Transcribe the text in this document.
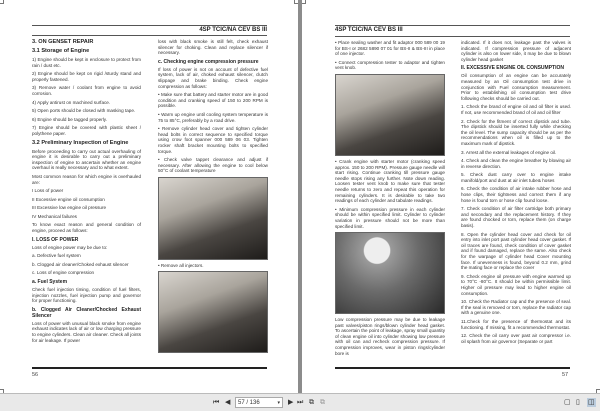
4SP TCIC/NA CEV BS III
3. ON GENSET REPAIR
3.1 Storage of Engine

1) Engine should be kept in enclosure to protect from rain / dust etc.

2) Engine should be kept on rigid /sturdy stand and properly fastened.

3) Remove water / coolant from engine to avoid corrosion.

4) Apply antirust on machined surface.

5) Open ports should be closed with masking tape.

6) Engine should be tagged properly.

7) Engine should be covered with plastic sheet / polythene paper.

3.2 Preliminary Inspection of Engine

Before proceeding to carry out actual overhauling of engine it is desirable to carry out a preliminary inspection of engine to ascertain whether an engine overhaul is really necessary and to what extent.

Most common reason for which engine is overhauled are:

I Loss of power

II Excessive engine oil consumption

III Excessive low engine oil pressure

IV Mechanical failures

To know exact reason and general condition of engine, proceed as follows:

I. LOSS OF POWER

Loss of engine power may be due to:

a. Defective fuel system

b. Clogged air cleaner/Choked exhaust silencer

c. Loss of engine compression

a. Fuel System

Check fuel injection timing, condition of fuel filters, injection nozzles, fuel injection pump and governor for proper functioning.

b. Clogged Air Cleaner/Chocked Exhaust Silencer

Loss of power with unusual black smoke from engine exhaust indicates lack of air or low charging pressure to engine cylinders. Clean air cleaner. Check all joints for air leakage. If power

loss with black smoke is still felt, check exhaust silencer for choking. Clean and replace silencer if necessary.

c. Checking engine compression pressure

If loss of power is not on account of defective fuel system, lack of air, choked exhaust silencer, clutch slippage and brake binding. Check engine compression as follows:

• Make sure that battery and starter motor are in good condition and cranking speed of 150 to 200 RPM is possible.

• Warm up engine until cooling system temperature is 75 to 85°C, preferably by a road drive.

• Remove cylinder head cover and tighten cylinder head bolts in correct sequence to specified torque using crow foot spanner 000 589 06 03. Tighten rocker shaft bracket mounting bolts to specified torque.

• Check valve tappet clearance and adjust if necessary. After allowing the engine to cool below 50°C of coolant temperature

• Remove all injectors.

56
4SP TCIC/NA CEV BS III

• Place sealing washer and fit adaptor 000 589 00 19 for BS-I or 2682 5890 07 01 for BS-II & BS-III in place of one injector.

• Connect compression tester to adaptor and tighten vent knob.

• Crank engine with starter motor (cranking speed approx. 150 to 200 RPM). Pressure gauge needle will start rising. Continue cranking till pressure gauge needle stops rising any further. Note down reading. Loosen tester vent knob to make sure that tester needle returns to zero and repeat this operation for remaining cylinders. It is desirable to take two readings of each cylinder and tabulate readings.

• Minimum compression pressure in each cylinder should be within specified limit. Cylinder to cylinder variation in pressure should not be more than specified limit.

Low compression pressure may be due to leakage past valves/piston rings/blown cylinder head gasket. To ascertain the point of leakage, spray small quantity of clean engine oil into cylinder showing low pressure with oil can and recheck compression pressure. If compression improves, wear in piston rings/cylinder bore is

indicated. If it does not, leakage past the valves is indicated. If compression pressure of adjacent cylinder is also on lower side, it may be due to blown cylinder head gasket

II. EXCESSIVE ENGINE OIL CONSUMPTION

Oil consumption of an engine can be accurately measured by an Oil consumption test drive in conjunction with Fuel consumption measurement. Prior to establishing oil consumption test drive following checks should be carried out.

1. Check the brand of engine oil and oil filter is used. If not, use recommended brand of oil and oil filter

2. Check for the fitment of correct dipstick and tube. The dipstick should be inserted fully while checking the oil level. The sump capacity should be as per the recommendations when oil is filled up to the maximum mark of dipstick.

3. Arrest all the external leakages of engine oil.

4. Check and clean the engine breather by blowing air in reverse direction.

5. Check dust carry over to engine intake manifold/port and dust at air inlet tube& hoses

6. Check the condition of air intake rubber hose and hose clips, their tightness and correct them if any hose is found torn or hose clip found loose.

7. Check condition of air filter cartridge both primary and secondary and the replacement history. If they are found chocked or torn, replace them (on charge basis).

8. Open the cylinder head cover and check for oil entry into inlet port past cylinder head cover gasket. If oil traces are found, check condition of cover gasket and if found damaged, replace the same. Also check for the warpage of cylinder head Cover mounting face. If unevenness is found, beyond 0.2 mm, grind the mating face or replace the cover

9. Check engine oil pressure with engine warmed up to 70°C -80°C. It should be within permissible limit. Higher oil pressure may lead to higher engine oil consumption.

10. Check the Radiator cap and the presence of seal. If the seal is removed or torn, replace the radiator cap with a genuine one.

11.Check for the presence of thermostat and its functioning. If missing, fit a recommended thermostat.

12. Check the oil carry over past air compressor i.e. oil splash from air governor (Separate or part

57
⏮ ◀	57 / 136	▾ ▶ ⏭ ⧉ ⧉	▢ ▯ ◫
